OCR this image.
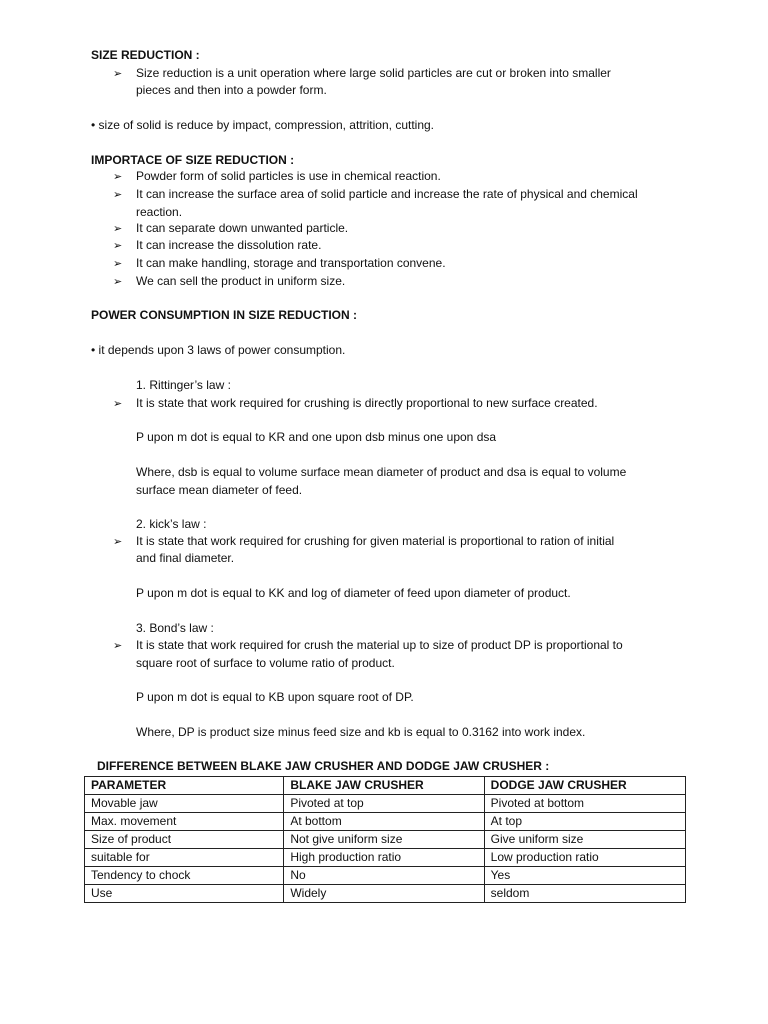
SIZE REDUCTION :
➢ Size reduction is a unit operation where large solid particles are cut or broken into smaller
pieces and then into a powder form.
• size of solid is reduce by impact, compression, attrition, cutting.
IMPORTACE OF SIZE REDUCTION :
➢ Powder form of solid particles is use in chemical reaction.
➢ It can increase the surface area of solid particle and increase the rate of physical and chemical
reaction.
➢ It can separate down unwanted particle.
➢ It can increase the dissolution rate.
➢ It can make handling, storage and transportation convene.
➢ We can sell the product in uniform size.
POWER CONSUMPTION IN SIZE REDUCTION :
• it depends upon 3 laws of power consumption.
1. Rittinger’s law :
➢ It is state that work required for crushing is directly proportional to new surface created.
P upon m dot is equal to KR and one upon dsb minus one upon dsa
Where, dsb is equal to volume surface mean diameter of product and dsa is equal to volume
surface mean diameter of feed.
2. kick’s law :
➢ It is state that work required for crushing for given material is proportional to ration of initial
and final diameter.
P upon m dot is equal to KK and log of diameter of feed upon diameter of product.
3. Bond’s law :
➢ It is state that work required for crush the material up to size of product DP is proportional to
square root of surface to volume ratio of product.
P upon m dot is equal to KB upon square root of DP.
Where, DP is product size minus feed size and kb is equal to 0.3162 into work index.
DIFFERENCE BETWEEN BLAKE JAW CRUSHER AND DODGE JAW CRUSHER :
PARAMETER	BLAKE JAW CRUSHER	DODGE JAW CRUSHER
Movable jaw	Pivoted at top	Pivoted at bottom
Max. movement	At bottom	At top
Size of product	Not give uniform size	Give uniform size
suitable for	High production ratio	Low production ratio
Tendency to chock	No	Yes
Use	Widely	seldom
